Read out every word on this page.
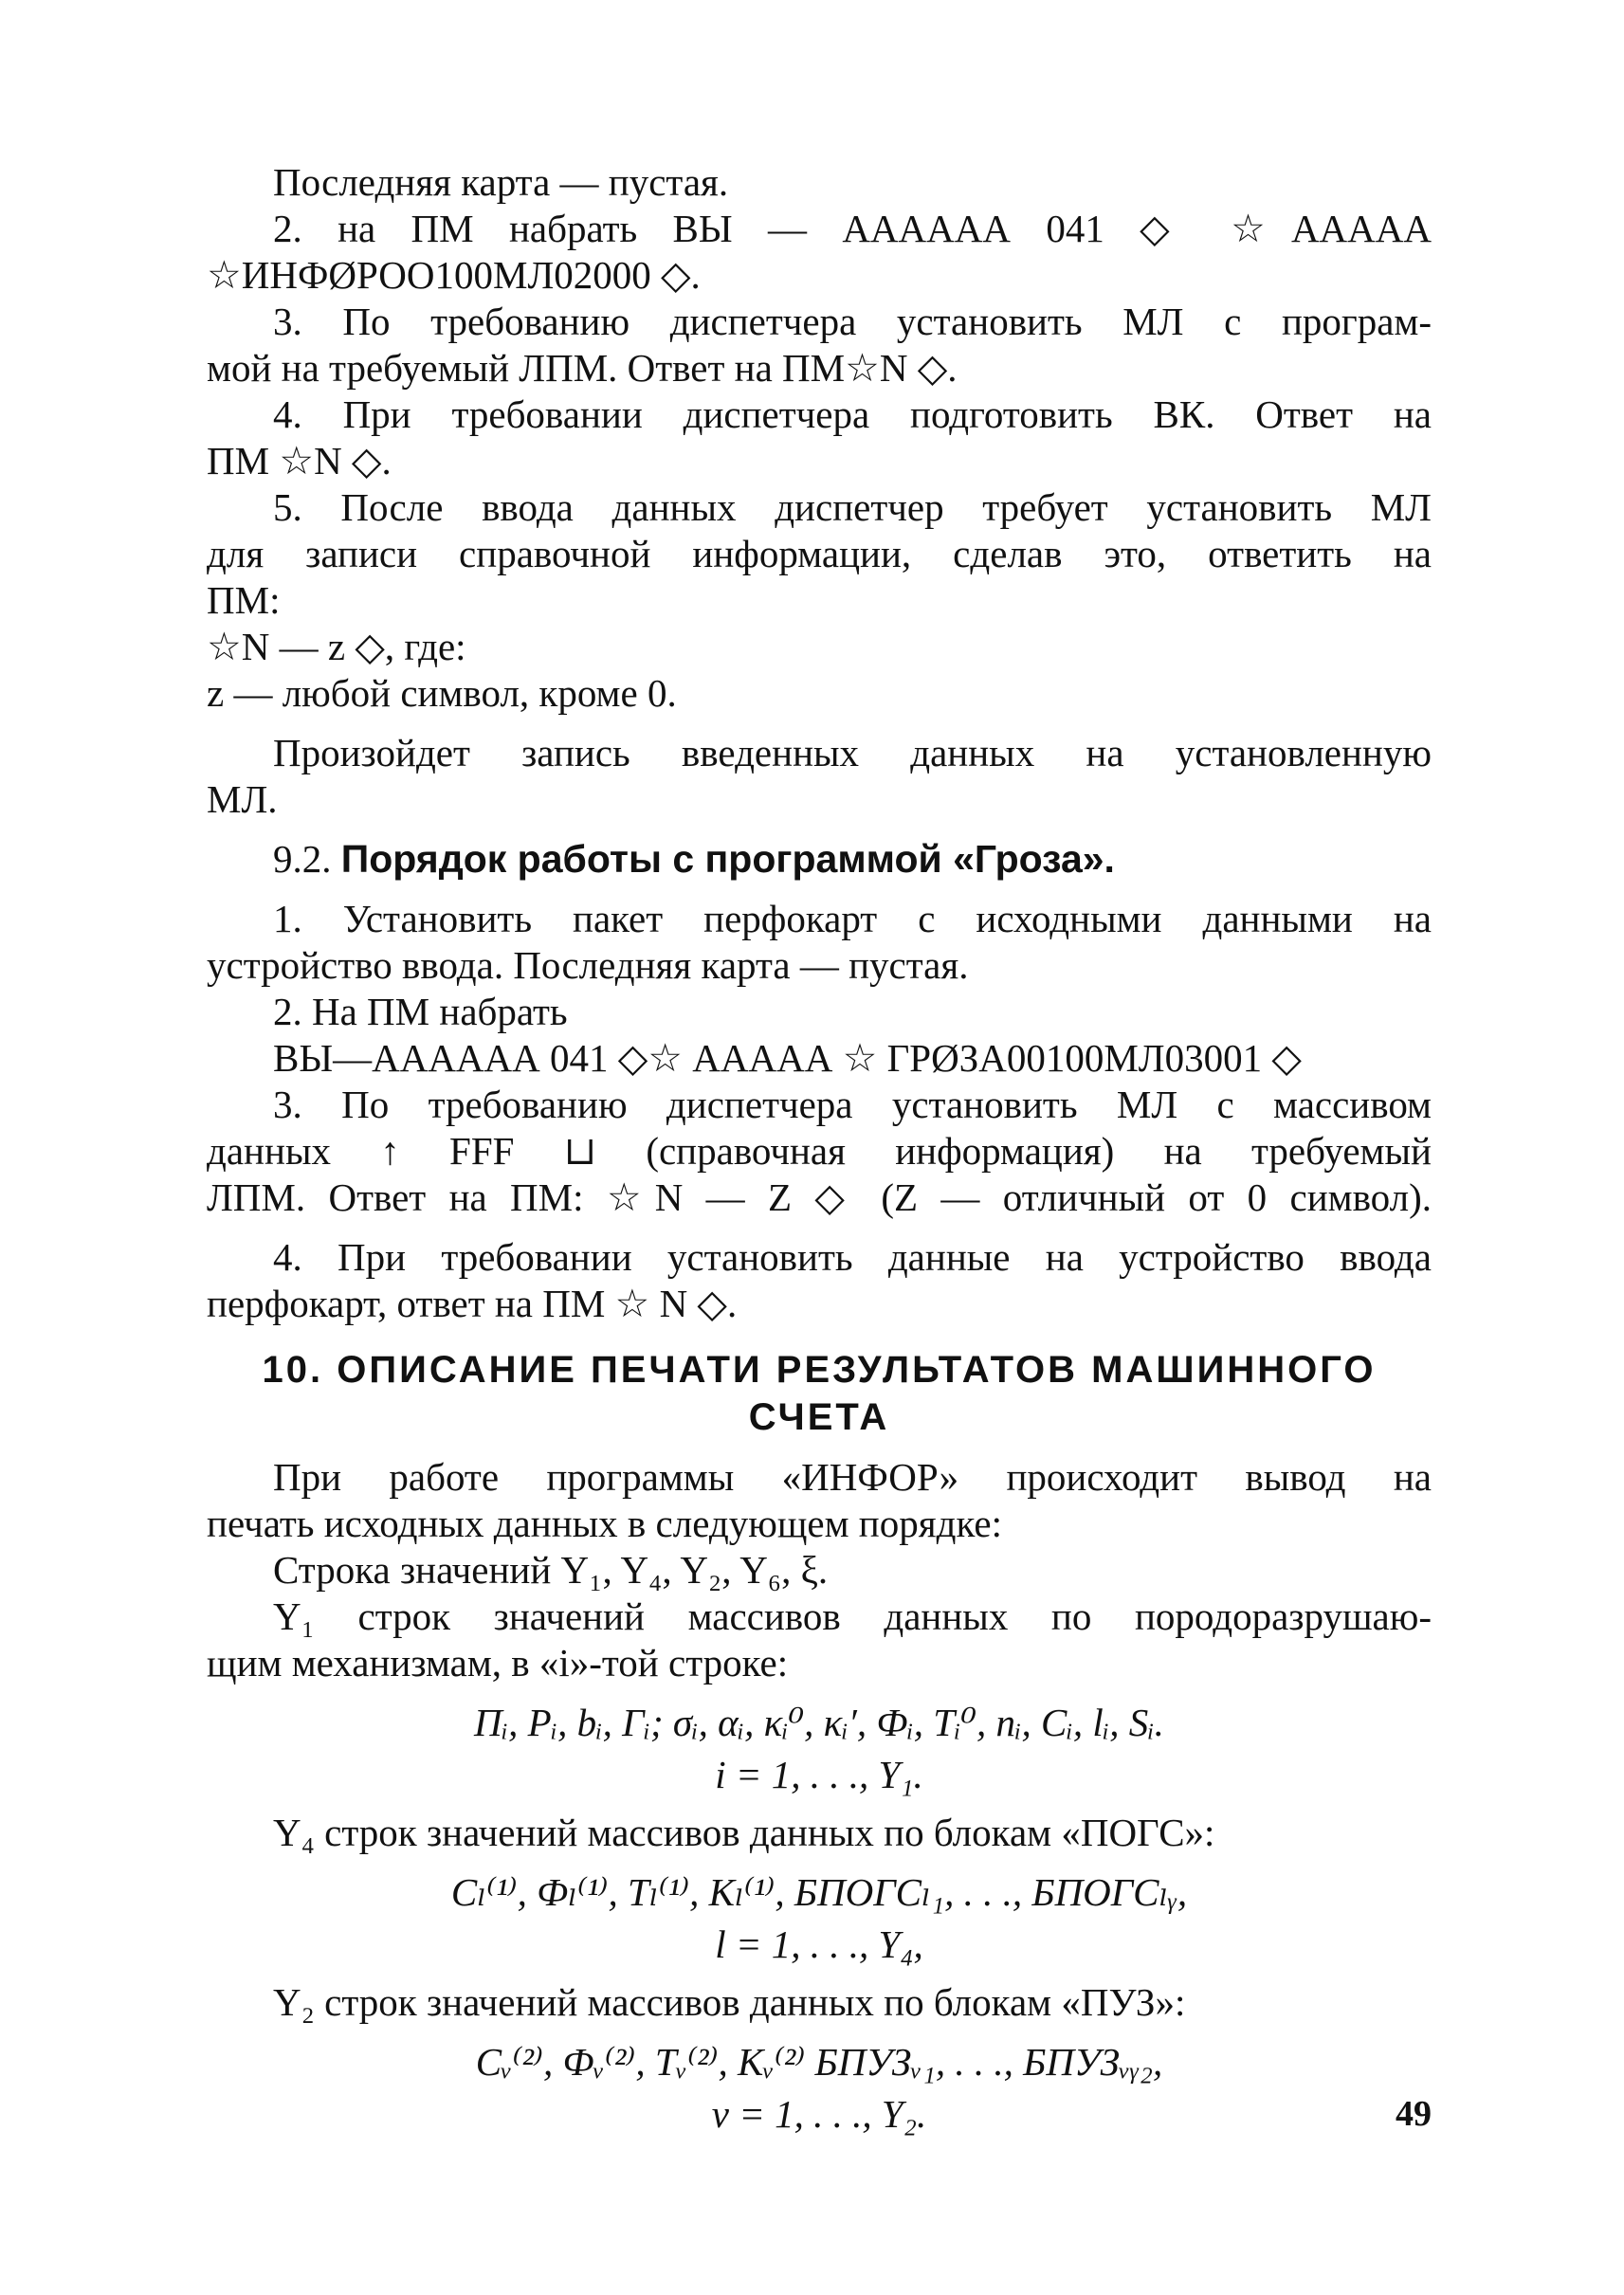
Последняя карта — пустая.

2. на ПМ набрать ВЫ — АААААА 041 ◇ ☆ААААА

☆ИНФØРОО100МЛ02000 ◇.

3. По требованию диспетчера установить МЛ с програм-

мой на требуемый ЛПМ. Ответ на ПМ☆N ◇.

4. При требовании диспетчера подготовить ВК. Ответ на

ПМ ☆N ◇.

5. После ввода данных диспетчер требует установить МЛ

для записи справочной информации, сделав это, ответить на

ПМ:

☆N — z ◇, где:

z — любой символ, кроме 0.

Произойдет запись введенных данных на установленную

МЛ.

9.2. Порядок работы с программой «Гроза».

1. Установить пакет перфокарт с исходными данными на

устройство ввода. Последняя карта — пустая.

2. На ПМ набрать

ВЫ—АААААА 041 ◇☆ ААААА ☆ ГРØЗА00100МЛ03001 ◇

3. По требованию диспетчера установить МЛ с массивом

данных ↑ FFF ⊔ (справочная информация) на требуемый

ЛПМ. Ответ на ПМ: ☆N — Z ◇ (Z — отличный от 0 символ).

4. При требовании установить данные на устройство ввода

перфокарт, ответ на ПМ ☆ N ◇.

10. ОПИСАНИЕ ПЕЧАТИ РЕЗУЛЬТАТОВ МАШИННОГО
СЧЕТА

При работе программы «ИНФОР» происходит вывод на

печать исходных данных в следующем порядке:

Строка значений Y₁, Y₄, Y₂, Y₆, ξ.

Y₁ строк значений массивов данных по породоразрушаю-

щим механизмам, в «i»-той строке:

Пᵢ, Pᵢ, bᵢ, Гᵢ; σᵢ, αᵢ, κᵢ⁰, κᵢ′, Фᵢ, Tᵢ⁰, nᵢ, Cᵢ, lᵢ, Sᵢ.

i = 1, . . ., Y₁.

Y₄ строк значений массивов данных по блокам «ПОГС»:

Cₗ⁽¹⁾, Фₗ⁽¹⁾, Tₗ⁽¹⁾, Kₗ⁽¹⁾, БПОГСₗ₁, . . ., БПОГСₗᵧ,

l = 1, . . ., Y₄,

Y₂ строк значений массивов данных по блокам «ПУЗ»:

Cᵥ⁽²⁾, Фᵥ⁽²⁾, Tᵥ⁽²⁾, Kᵥ⁽²⁾ БПУЗᵥ₁, . . ., БПУЗᵥᵧ₂,

ν = 1, . . ., Y₂.	49
